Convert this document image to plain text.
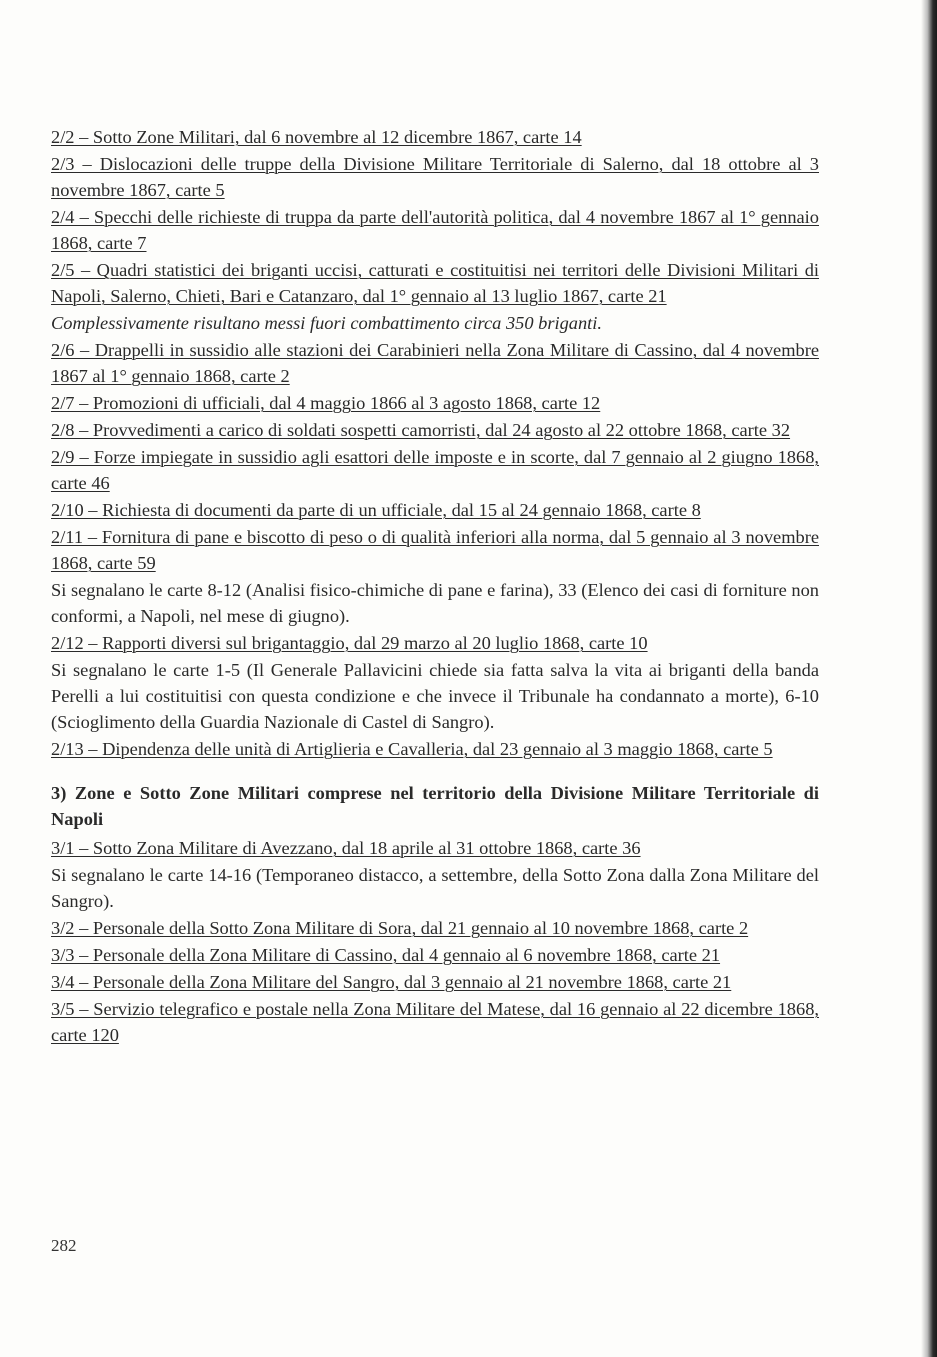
2/2 – Sotto Zone Militari, dal 6 novembre al 12 dicembre 1867, carte 14

2/3 – Dislocazioni delle truppe della Divisione Militare Territoriale di Salerno, dal 18 ottobre al 3 novembre 1867, carte 5

2/4 – Specchi delle richieste di truppa da parte dell'autorità politica, dal 4 novembre 1867 al 1° gennaio 1868, carte 7

2/5 – Quadri statistici dei briganti uccisi, catturati e costituitisi nei territori delle Divisioni Militari di Napoli, Salerno, Chieti, Bari e Catanzaro, dal 1° gennaio al 13 luglio 1867, carte 21

Complessivamente risultano messi fuori combattimento circa 350 briganti.

2/6 – Drappelli in sussidio alle stazioni dei Carabinieri nella Zona Militare di Cassino, dal 4 novembre 1867 al 1° gennaio 1868, carte 2

2/7 – Promozioni di ufficiali, dal 4 maggio 1866 al 3 agosto 1868, carte 12

2/8 – Provvedimenti a carico di soldati sospetti camorristi, dal 24 agosto al 22 ottobre 1868, carte 32

2/9 – Forze impiegate in sussidio agli esattori delle imposte e in scorte, dal 7 gennaio al 2 giugno 1868, carte 46

2/10 – Richiesta di documenti da parte di un ufficiale, dal 15 al 24 gennaio 1868, carte 8

2/11 – Fornitura di pane e biscotto di peso o di qualità inferiori alla norma, dal 5 gennaio al 3 novembre 1868, carte 59

Si segnalano le carte 8-12 (Analisi fisico-chimiche di pane e farina), 33 (Elenco dei casi di forniture non conformi, a Napoli, nel mese di giugno).

2/12 – Rapporti diversi sul brigantaggio, dal 29 marzo al 20 luglio 1868, carte 10

Si segnalano le carte 1-5 (Il Generale Pallavicini chiede sia fatta salva la vita ai briganti della banda Perelli a lui costituitisi con questa condizione e che invece il Tribunale ha condannato a morte), 6-10 (Scioglimento della Guardia Nazionale di Castel di Sangro).

2/13 – Dipendenza delle unità di Artiglieria e Cavalleria, dal 23 gennaio al 3 maggio 1868, carte 5

3) Zone e Sotto Zone Militari comprese nel territorio della Divisione Militare Territoriale di Napoli

3/1 – Sotto Zona Militare di Avezzano, dal 18 aprile al 31 ottobre 1868, carte 36

Si segnalano le carte 14-16 (Temporaneo distacco, a settembre, della Sotto Zona dalla Zona Militare del Sangro).

3/2 – Personale della Sotto Zona Militare di Sora, dal 21 gennaio al 10 novembre 1868, carte 2

3/3 – Personale della Zona Militare di Cassino, dal 4 gennaio al 6 novembre 1868, carte 21

3/4 – Personale della Zona Militare del Sangro, dal 3 gennaio al 21 novembre 1868, carte 21

3/5 – Servizio telegrafico e postale nella Zona Militare del Matese, dal 16 gennaio al 22 dicembre 1868, carte 120

282
